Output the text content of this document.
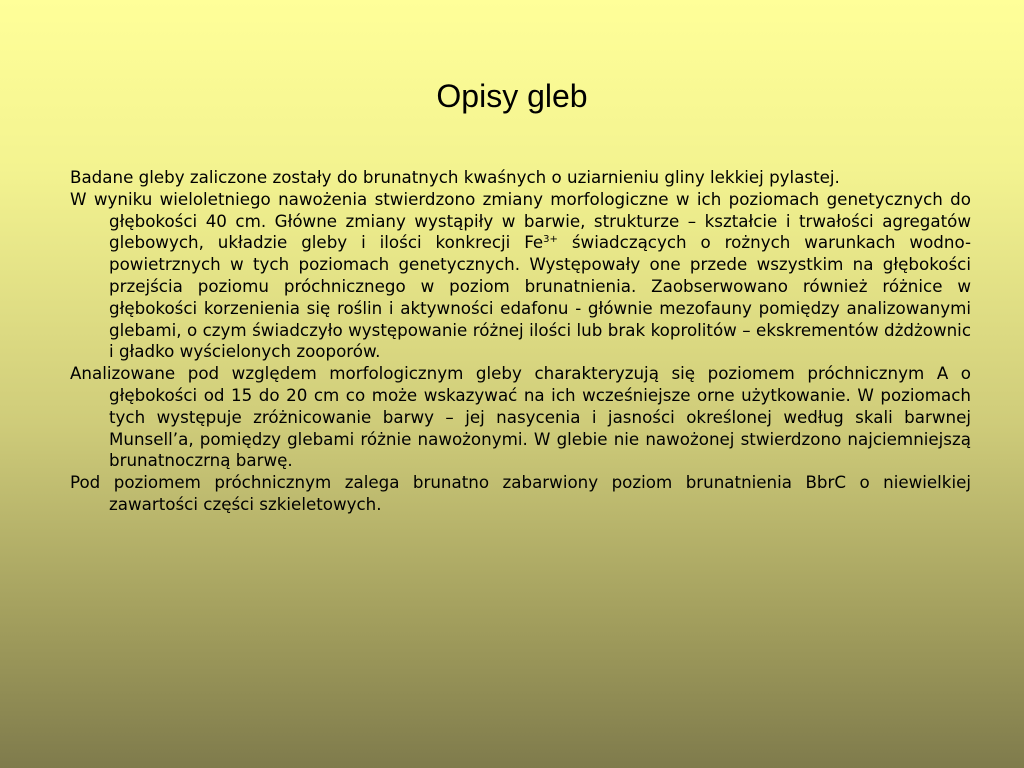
Opisy gleb

Badane gleby zaliczone zostały do brunatnych kwaśnych o uziarnieniu gliny lekkiej pylastej.

W wyniku wieloletniego nawożenia stwierdzono zmiany morfologiczne w ich poziomach genetycznych do głębokości 40 cm. Główne zmiany wystąpiły w barwie, strukturze – kształcie i trwałości agregatów glebowych, układzie gleby i ilości konkrecji $Fe^{3+}$ świadczących o rożnych warunkach wodno-powietrznych w tych poziomach genetycznych. Występowały one przede wszystkim na głębokości przejścia poziomu próchnicznego w poziom brunatnienia. Zaobserwowano również różnice w głębokości korzenienia się roślin i aktywności edafonu - głównie mezofauny pomiędzy analizowanymi glebami, o czym świadczyło występowanie różnej ilości lub brak koprolitów – ekskrementów dżdżownic i gładko wyścielonych zooporów.

Analizowane pod względem morfologicznym gleby charakteryzują się poziomem próchnicznym A o głębokości od 15 do 20 cm co może wskazywać na ich wcześniejsze orne użytkowanie. W poziomach tych występuje zróżnicowanie barwy – jej nasycenia i jasności określonej według skali barwnej Munsell’a, pomiędzy glebami różnie nawożonymi. W glebie nie nawożonej stwierdzono najciemniejszą brunatnoczrną barwę.

Pod poziomem próchnicznym zalega brunatno zabarwiony poziom brunatnienia BbrC o niewielkiej zawartości części szkieletowych.
